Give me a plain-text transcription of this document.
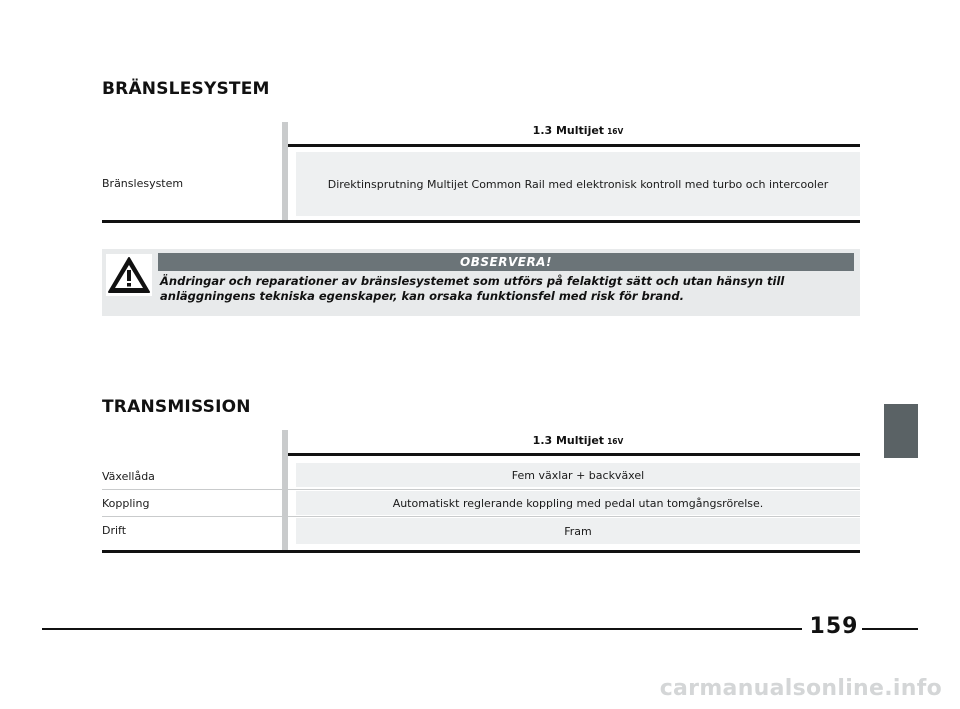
BRÄNSLESYSTEM
1.3 Multijet 16V
Bränslesystem	Direktinsprutning Multijet Common Rail med elektronisk kontroll med turbo och intercooler
OBSERVERA!
Ändringar och reparationer av bränslesystemet som utförs på felaktigt sätt och utan hänsyn till anläggningens tekniska egenskaper, kan orsaka funktionsfel med risk för brand.
TRANSMISSION
1.3 Multijet 16V
Växellåda	Fem växlar + backväxel
Koppling	Automatiskt reglerande koppling med pedal utan tomgångsrörelse.
Drift	Fram
159
carmanualsonline.info
